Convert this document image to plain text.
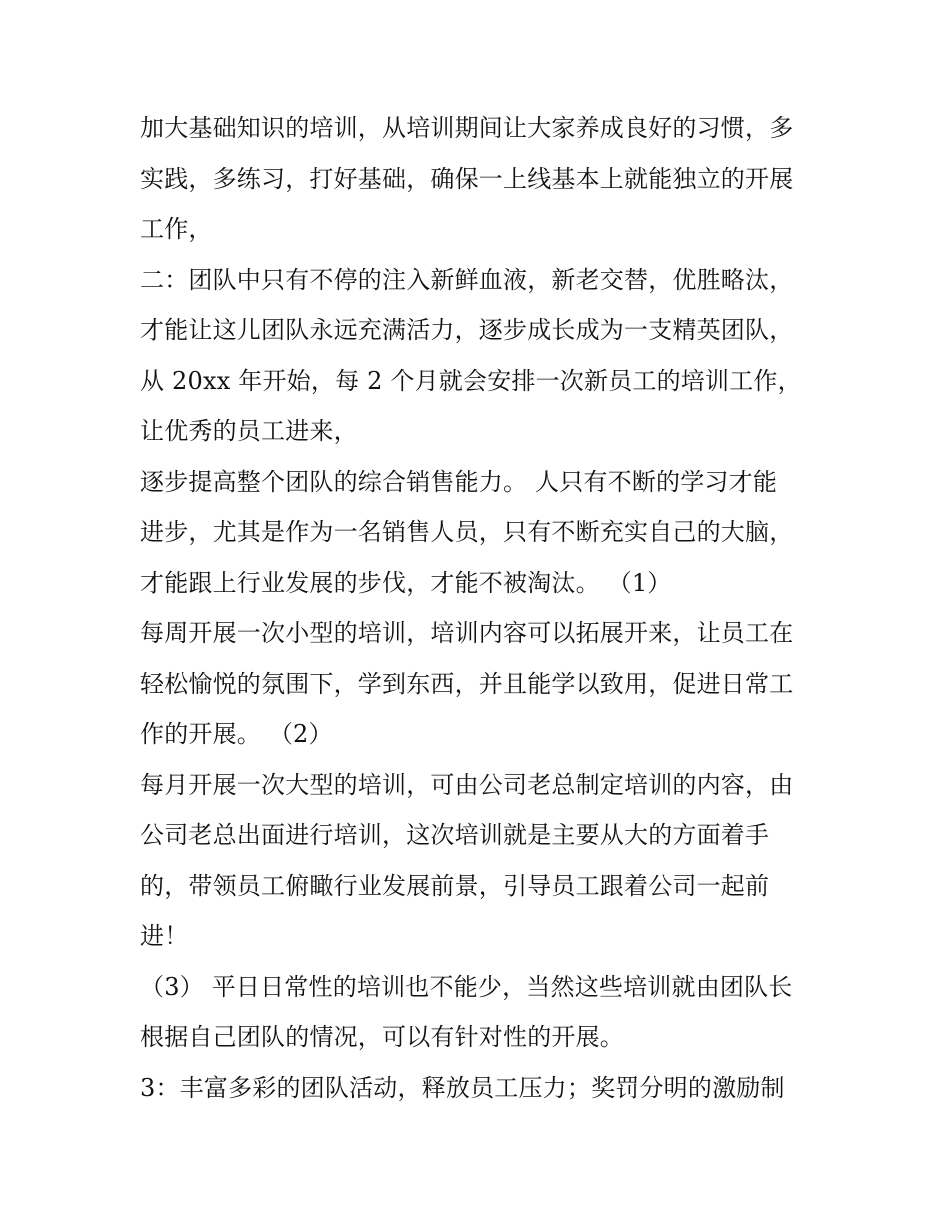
加大基础知识的培训，从培训期间让大家养成良好的习惯，多
实践，多练习，打好基础，确保一上线基本上就能独立的开展
工作，
二：团队中只有不停的注入新鲜血液，新老交替，优胜略汰，
才能让这儿团队永远充满活力，逐步成长成为一支精英团队，
从 20xx 年开始，每 2 个月就会安排一次新员工的培训工作，
让优秀的员工进来，
逐步提高整个团队的综合销售能力。 人只有不断的学习才能
进步，尤其是作为一名销售人员，只有不断充实自己的大脑，
才能跟上行业发展的步伐，才能不被淘汰。 （1）
每周开展一次小型的培训，培训内容可以拓展开来，让员工在
轻松愉悦的氛围下，学到东西，并且能学以致用，促进日常工
作的开展。 （2）
每月开展一次大型的培训，可由公司老总制定培训的内容，由
公司老总出面进行培训，这次培训就是主要从大的方面着手
的，带领员工俯瞰行业发展前景，引导员工跟着公司一起前
进！
（3） 平日日常性的培训也不能少，当然这些培训就由团队长
根据自己团队的情况，可以有针对性的开展。
3：丰富多彩的团队活动，释放员工压力；奖罚分明的激励制
